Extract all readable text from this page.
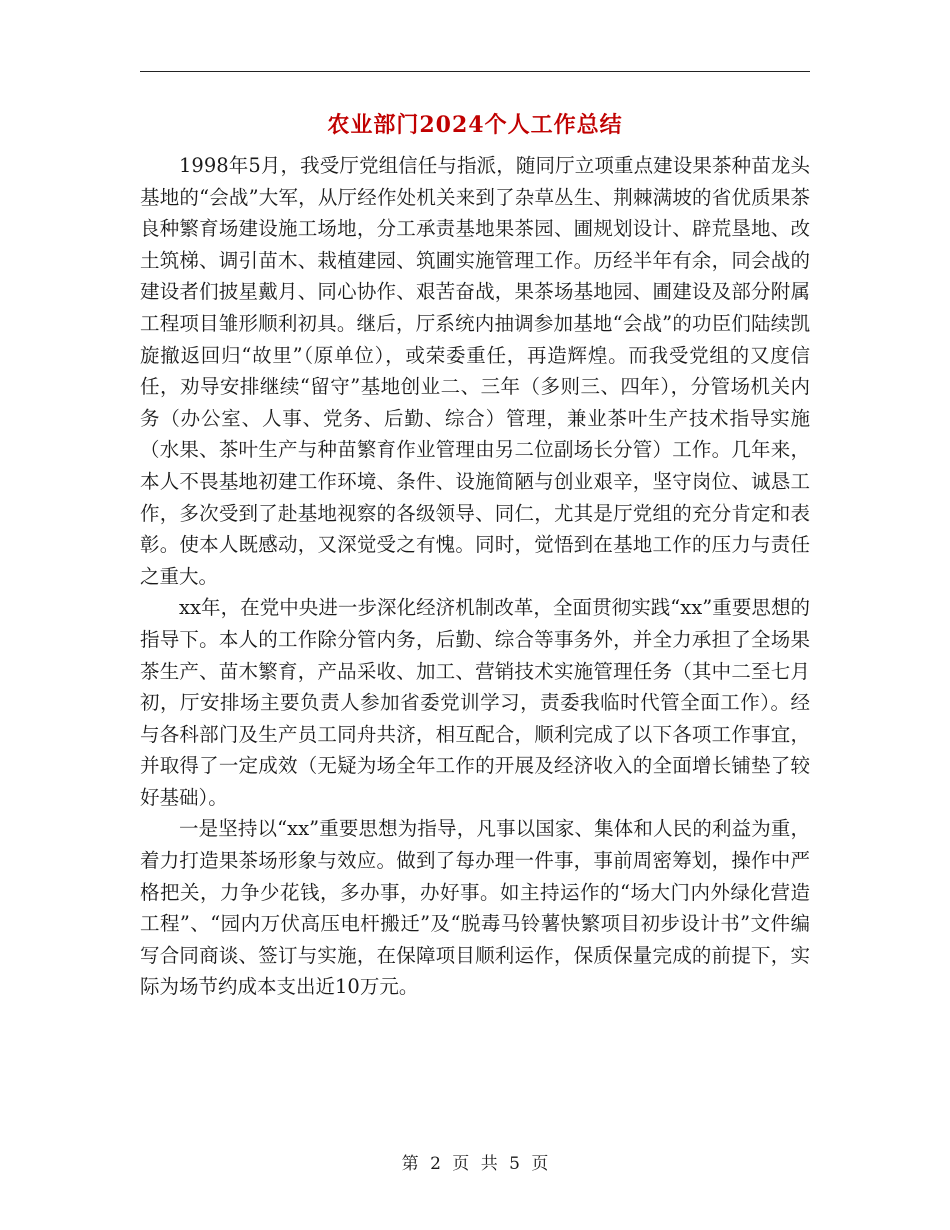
农业部门2024个人工作总结

1998年5月，我受厅党组信任与指派，随同厅立项重点建设果茶种苗龙头基地的“会战”大军，从厅经作处机关来到了杂草丛生、荆棘满坡的省优质果茶良种繁育场建设施工场地，分工承责基地果茶园、圃规划设计、辟荒垦地、改土筑梯、调引苗木、栽植建园、筑圃实施管理工作。历经半年有余，同会战的建设者们披星戴月、同心协作、艰苦奋战，果茶场基地园、圃建设及部分附属工程项目雏形顺利初具。继后，厅系统内抽调参加基地“会战”的功臣们陆续凯旋撤返回归“故里”（原单位），或荣委重任，再造辉煌。而我受党组的又度信任，劝导安排继续“留守”基地创业二、三年（多则三、四年），分管场机关内务（办公室、人事、党务、后勤、综合）管理，兼业茶叶生产技术指导实施（水果、茶叶生产与种苗繁育作业管理由另二位副场长分管）工作。几年来，本人不畏基地初建工作环境、条件、设施简陋与创业艰辛，坚守岗位、诚恳工作，多次受到了赴基地视察的各级领导、同仁，尤其是厅党组的充分肯定和表彰。使本人既感动，又深觉受之有愧。同时，觉悟到在基地工作的压力与责任之重大。

xx年，在党中央进一步深化经济机制改革，全面贯彻实践“xx”重要思想的指导下。本人的工作除分管内务，后勤、综合等事务外，并全力承担了全场果茶生产、苗木繁育，产品采收、加工、营销技术实施管理任务（其中二至七月初，厅安排场主要负责人参加省委党训学习，责委我临时代管全面工作）。经与各科部门及生产员工同舟共济，相互配合，顺利完成了以下各项工作事宜，并取得了一定成效（无疑为场全年工作的开展及经济收入的全面增长铺垫了较好基础）。

一是坚持以“xx”重要思想为指导，凡事以国家、集体和人民的利益为重，着力打造果茶场形象与效应。做到了每办理一件事，事前周密筹划，操作中严格把关，力争少花钱，多办事，办好事。如主持运作的“场大门内外绿化营造工程”、“园内万伏高压电杆搬迁”及“脱毒马铃薯快繁项目初步设计书”文件编写合同商谈、签订与实施，在保障项目顺利运作，保质保量完成的前提下，实际为场节约成本支出近10万元。

第 2 页 共 5 页
